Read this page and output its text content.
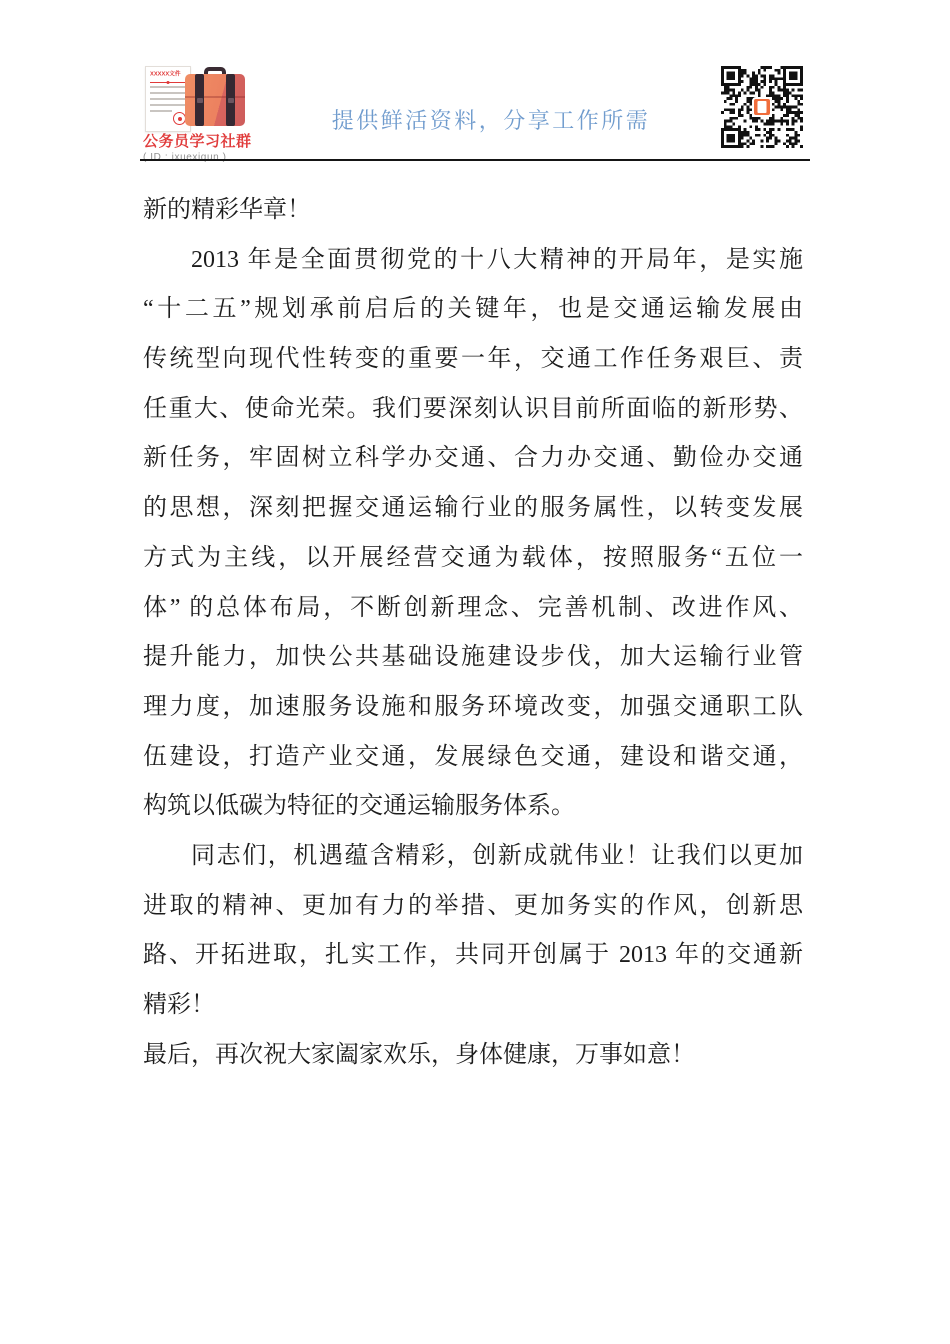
XXXXX文件
公务员学习社群
( ID : ixuexiqun )
提供鲜活资料，分享工作所需
新的精彩华章！
2013 年是全面贯彻党的十八大精神的开局年，是实施
“十二五”规划承前启后的关键年，也是交通运输发展由
传统型向现代性转变的重要一年，交通工作任务艰巨、责
任重大、使命光荣。我们要深刻认识目前所面临的新形势、
新任务，牢固树立科学办交通、合力办交通、勤俭办交通
的思想，深刻把握交通运输行业的服务属性，以转变发展
方式为主线，以开展经营交通为载体，按照服务“五位一
体” 的总体布局，不断创新理念、完善机制、改进作风、
提升能力，加快公共基础设施建设步伐，加大运输行业管
理力度，加速服务设施和服务环境改变，加强交通职工队
伍建设，打造产业交通，发展绿色交通，建设和谐交通，
构筑以低碳为特征的交通运输服务体系。
同志们，机遇蕴含精彩，创新成就伟业！让我们以更加
进取的精神、更加有力的举措、更加务实的作风，创新思
路、开拓进取，扎实工作，共同开创属于 2013 年的交通新
精彩！
最后，再次祝大家阖家欢乐，身体健康，万事如意！
